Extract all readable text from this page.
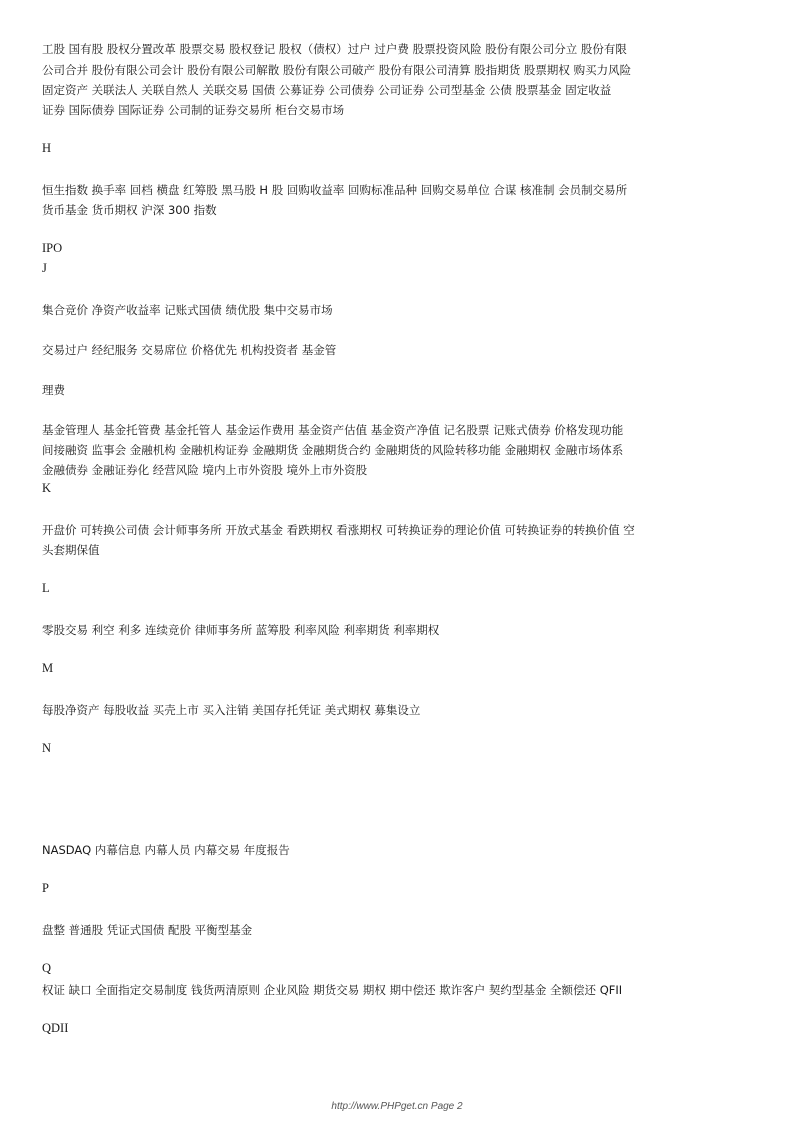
工股 国有股 股权分置改革 股票交易 股权登记 股权（债权）过户 过户费 股票投资风险 股份有限公司分立 股份有限
公司合并 股份有限公司会计 股份有限公司解散 股份有限公司破产 股份有限公司清算 股指期货 股票期权 购买力风险
固定资产 关联法人 关联自然人 关联交易 国债 公募证券 公司债券 公司证券 公司型基金 公债 股票基金 固定收益
证券 国际债券 国际证券 公司制的证券交易所 柜台交易市场
H
恒生指数 换手率 回档 横盘 红筹股 黑马股 H 股 回购收益率 回购标准品种 回购交易单位 合谋 核准制 会员制交易所
货币基金 货币期权 沪深 300 指数
IPO
J
集合竞价 净资产收益率 记账式国债 绩优股 集中交易市场
交易过户 经纪服务 交易席位 价格优先 机构投资者 基金管
理费
基金管理人 基金托管费 基金托管人 基金运作费用 基金资产估值 基金资产净值 记名股票 记账式债券 价格发现功能
间接融资 监事会 金融机构 金融机构证券 金融期货 金融期货合约 金融期货的风险转移功能 金融期权 金融市场体系
金融债券 金融证券化 经营风险 境内上市外资股 境外上市外资股
K
开盘价 可转换公司债 会计师事务所 开放式基金 看跌期权 看涨期权 可转换证券的理论价值 可转换证券的转换价值 空
头套期保值
L
零股交易 利空 利多 连续竞价 律师事务所 蓝筹股 利率风险 利率期货 利率期权
M
每股净资产 每股收益 买壳上市 买入注销 美国存托凭证 美式期权 募集设立
N
NASDAQ 内幕信息 内幕人员 内幕交易 年度报告
P
盘整 普通股 凭证式国债 配股 平衡型基金
Q
权证 缺口 全面指定交易制度 钱货两清原则 企业风险 期货交易 期权 期中偿还 欺诈客户 契约型基金 全额偿还 QFII
QDII
http://www.PHPget.cn Page 2
